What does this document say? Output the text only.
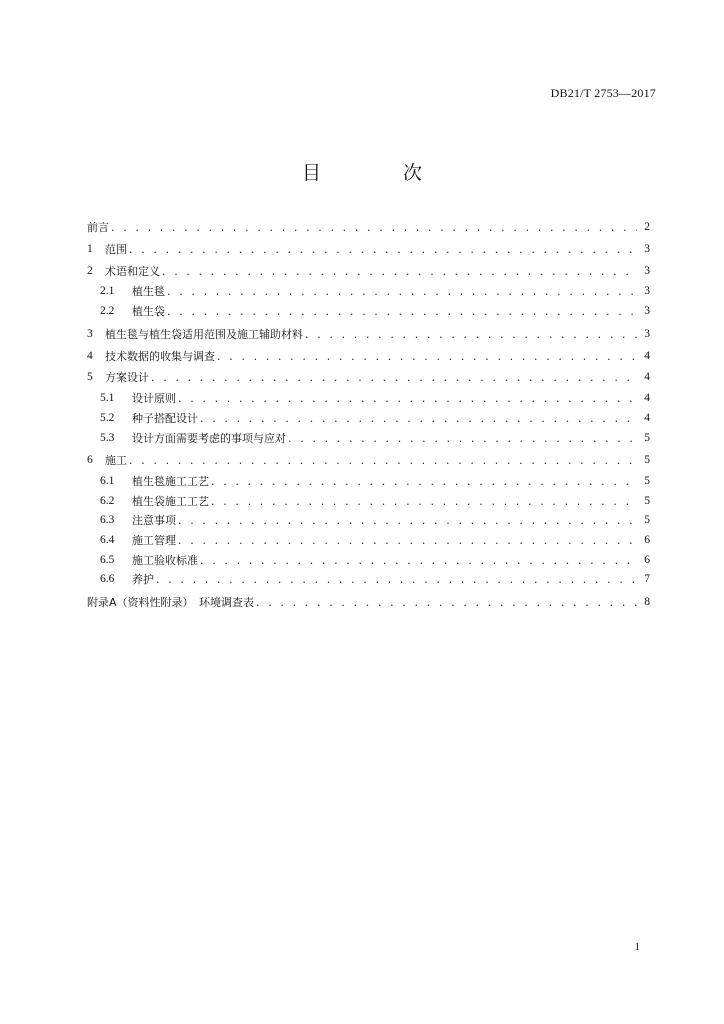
DB21/T 2753—2017
目 次
前言 . . .	2
1	范围 . . .	3
2	术语和定义 . . .	3
2.1	植生毯 . . .	3
2.2	植生袋 . . .	3
3	植生毯与植生袋适用范围及施工辅助材料 . . .	3
4	技术数据的收集与调查 . . .	4
5	方案设计 . . .	4
5.1	设计原则 . . .	4
5.2	种子搭配设计 . . .	4
5.3	设计方面需要考虑的事项与应对 . . .	5
6	施工 . . .	5
6.1	植生毯施工工艺 . . .	5
6.2	植生袋施工工艺 . . .	5
6.3	注意事项 . . .	5
6.4	施工管理 . . .	6
6.5	施工验收标准 . . .	6
6.6	养护 . . .	7
附录A（资料性附录）　环境调查表 . . .	8
1
